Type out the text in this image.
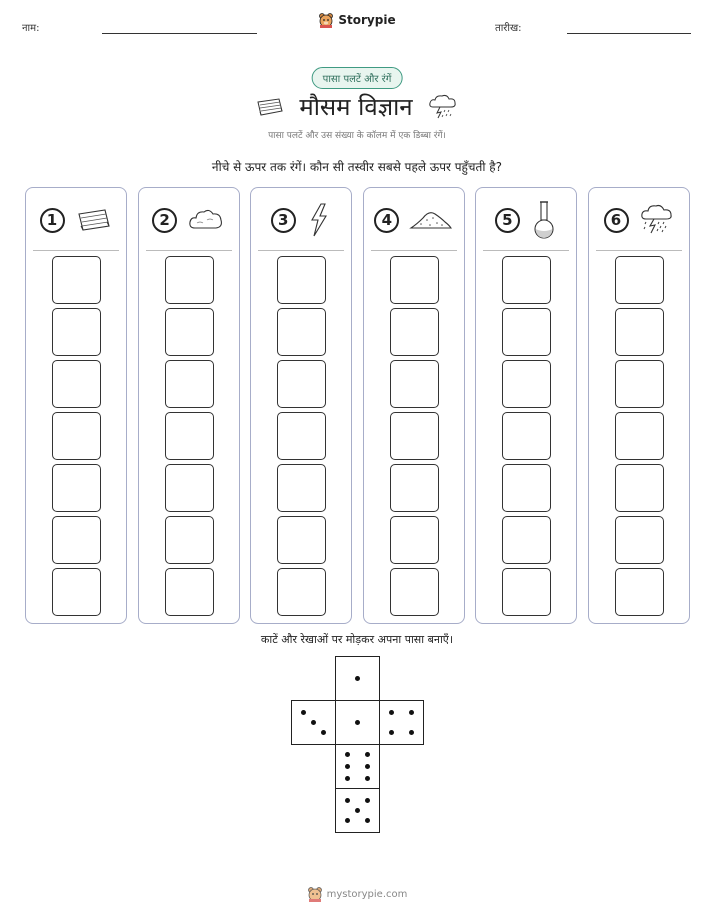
नाम:
Storypie
तारीख:
पासा पलटें और रंगें
मौसम विज्ञान
पासा पलटें और उस संख्या के कॉलम में एक डिब्बा रंगें।
नीचे से ऊपर तक रंगें। कौन सी तस्वीर सबसे पहले ऊपर पहुँचती है?
1	2	3	4	5	6
काटें और रेखाओं पर मोड़कर अपना पासा बनाएँ।
mystorypie.com
